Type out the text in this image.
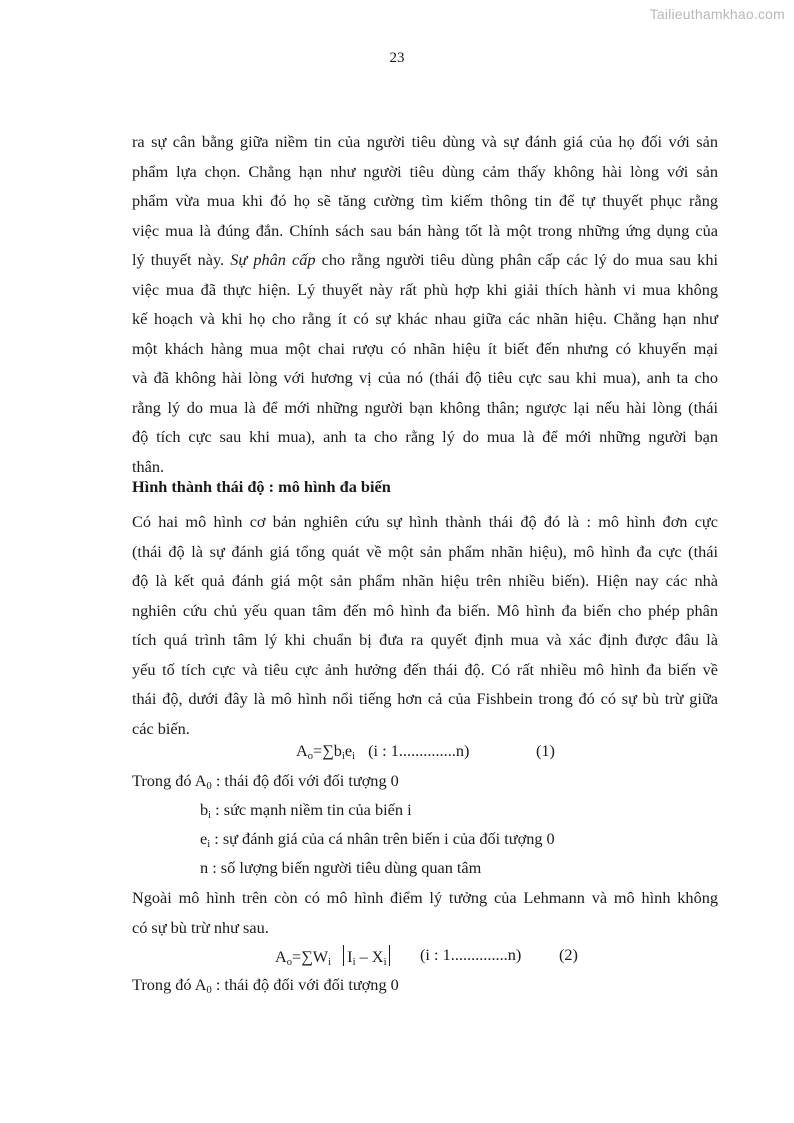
Tailieuthamkhao.com
23
ra sự cân bằng giữa niềm tin của người tiêu dùng và sự đánh giá của họ đối với sản
phẩm lựa chọn. Chẳng hạn như người tiêu dùng cảm thấy không hài lòng với sản
phẩm vừa mua khi đó họ sẽ tăng cường tìm kiếm thông tin để tự thuyết phục rằng
việc mua là đúng đắn. Chính sách sau bán hàng tốt là một trong những ứng dụng của
lý thuyết này. Sự phân cấp cho rằng người tiêu dùng phân cấp các lý do mua sau khi
việc mua đã thực hiện. Lý thuyết này rất phù hợp khi giải thích hành vi mua không
kế hoạch và khi họ cho rằng ít có sự khác nhau giữa các nhãn hiệu. Chẳng hạn như
một khách hàng mua một chai rượu có nhãn hiệu ít biết đến nhưng có khuyến mại
và đã không hài lòng với hương vị của nó (thái độ tiêu cực sau khi mua), anh ta cho
rằng lý do mua là để mới những người bạn không thân; ngược lại nếu hài lòng (thái
độ tích cực sau khi mua), anh ta cho rằng lý do mua là để mới những người bạn
thân.
Hình thành thái độ : mô hình đa biến
Có hai mô hình cơ bản nghiên cứu sự hình thành thái độ đó là : mô hình đơn cực
(thái độ là sự đánh giá tổng quát về một sản phẩm nhãn hiệu), mô hình đa cực (thái
độ là kết quả đánh giá một sản phẩm nhãn hiệu trên nhiều biến). Hiện nay các nhà
nghiên cứu chủ yếu quan tâm đến mô hình đa biến. Mô hình đa biến cho phép phân
tích quá trình tâm lý khi chuẩn bị đưa ra quyết định mua và xác định được đâu là
yếu tố tích cực và tiêu cực ảnh hưởng đến thái độ. Có rất nhiều mô hình đa biến về
thái độ, dưới đây là mô hình nổi tiếng hơn cả của Fishbein trong đó có sự bù trừ giữa
các biến.
$A_o=\sum b_ie_i$ (i : 1..............n)	(1)
Trong đó $A_0$ : thái độ đối với đối tượng 0
$b_i$ : sức mạnh niềm tin của biến i
$e_i$ : sự đánh giá của cá nhân trên biến i của đối tượng 0
n : số lượng biến người tiêu dùng quan tâm
Ngoài mô hình trên còn có mô hình điểm lý tưởng của Lehmann và mô hình không
có sự bù trừ như sau.
$A_o=\sum W_i$ $I_i - X_i$	(i : 1..............n) (2)
Trong đó $A_0$ : thái độ đối với đối tượng 0
